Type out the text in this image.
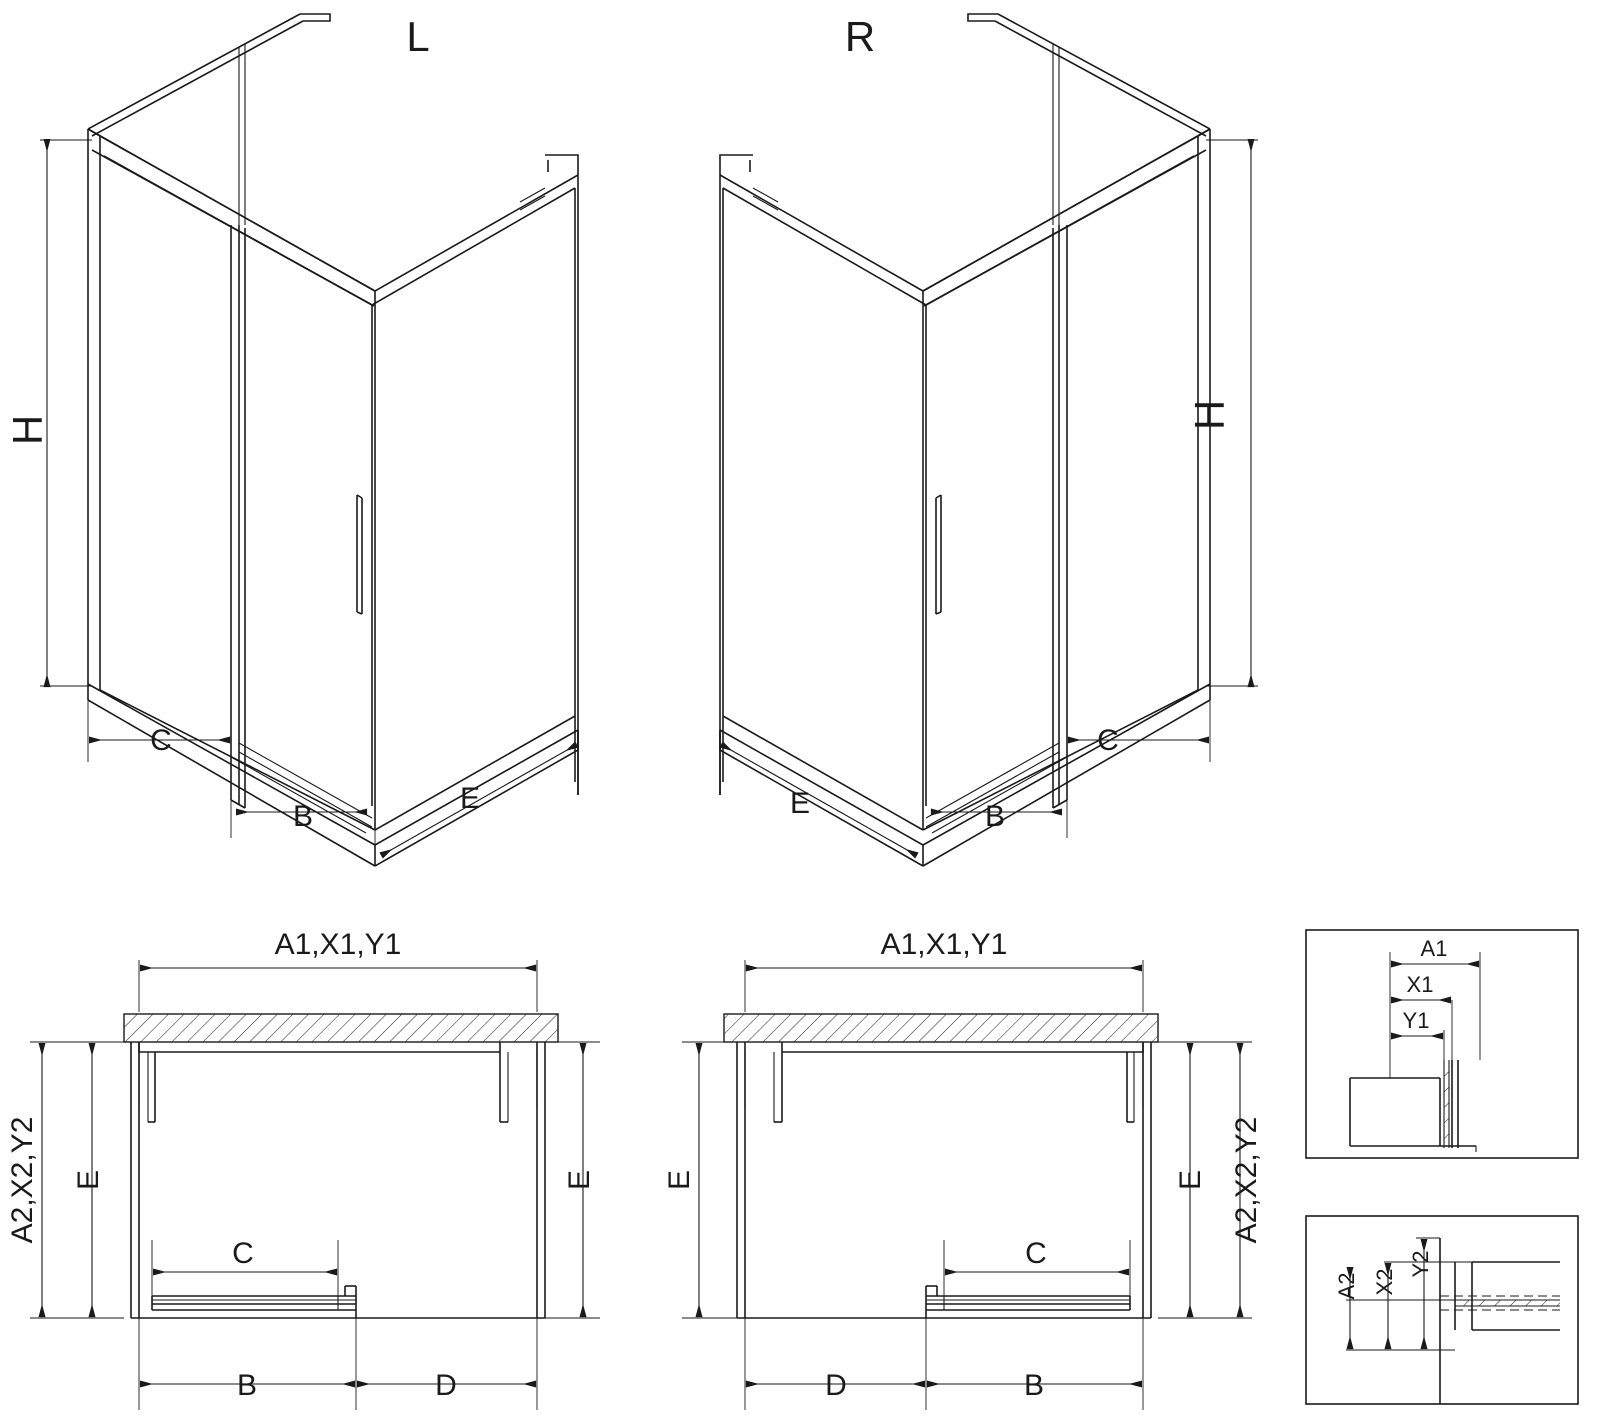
L
H
C
B
E
R
H
E	B
C
A1,X1,Y1
A2,X2,Y2 E	E
C
B	D
A1,X1,Y1
A2,X2,Y2
E	E
C
D	B
A1
X1
Y1
A2 X2
Y2
